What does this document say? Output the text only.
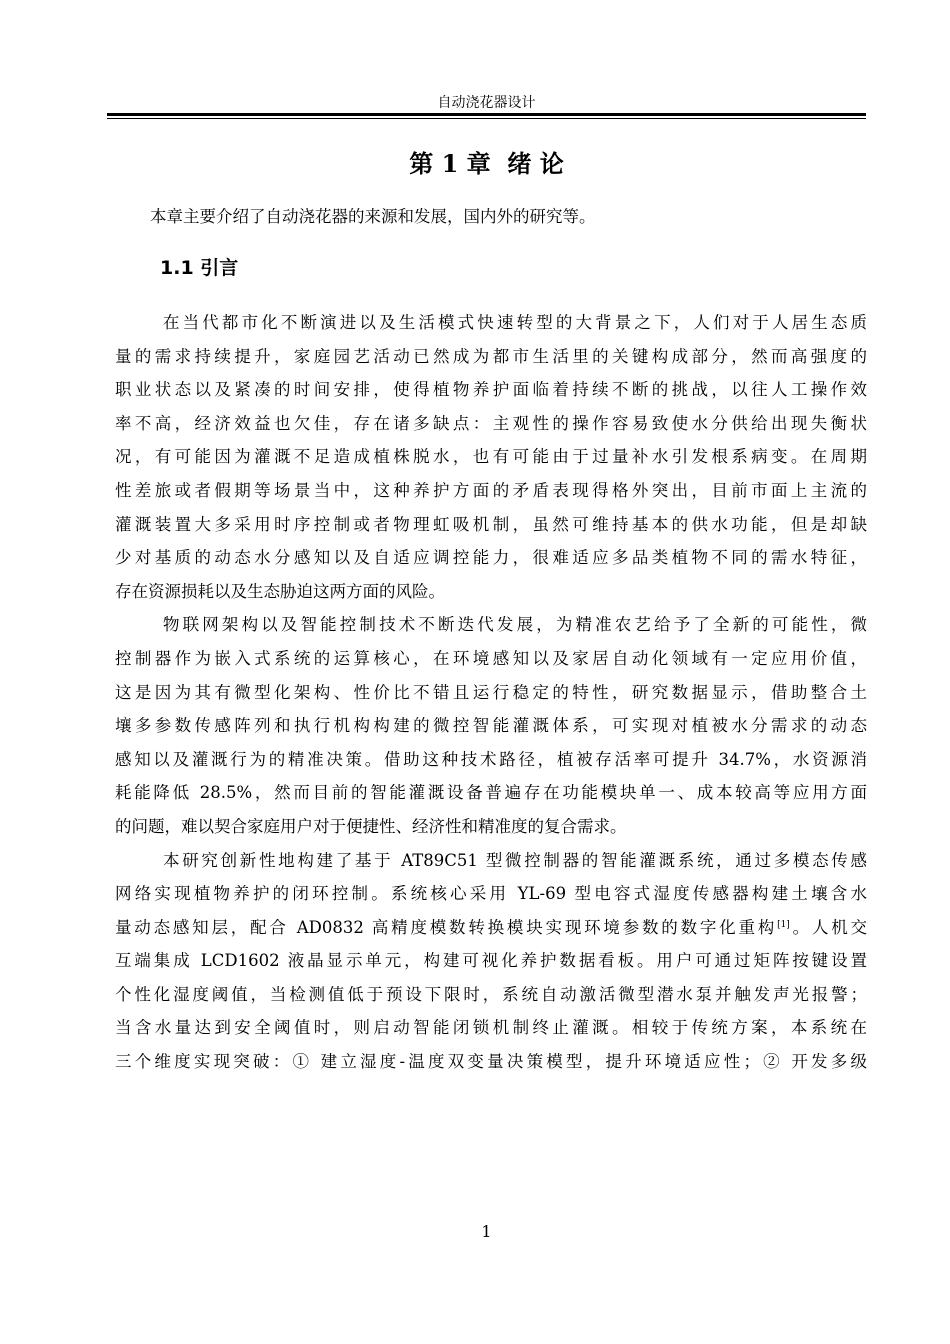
自动浇花器设计
第 1 章 绪 论
本章主要介绍了自动浇花器的来源和发展，国内外的研究等。
1.1 引言
在当代都市化不断演进以及生活模式快速转型的大背景之下，人们对于人居生态质
量的需求持续提升，家庭园艺活动已然成为都市生活里的关键构成部分，然而高强度的
职业状态以及紧凑的时间安排，使得植物养护面临着持续不断的挑战，以往人工操作效
率不高，经济效益也欠佳，存在诸多缺点：主观性的操作容易致使水分供给出现失衡状
况，有可能因为灌溉不足造成植株脱水，也有可能由于过量补水引发根系病变。在周期
性差旅或者假期等场景当中，这种养护方面的矛盾表现得格外突出，目前市面上主流的
灌溉装置大多采用时序控制或者物理虹吸机制，虽然可维持基本的供水功能，但是却缺
少对基质的动态水分感知以及自适应调控能力，很难适应多品类植物不同的需水特征，
存在资源损耗以及生态胁迫这两方面的风险。
物联网架构以及智能控制技术不断迭代发展，为精准农艺给予了全新的可能性，微
控制器作为嵌入式系统的运算核心，在环境感知以及家居自动化领域有一定应用价值，
这是因为其有微型化架构、性价比不错且运行稳定的特性，研究数据显示，借助整合土
壤多参数传感阵列和执行机构构建的微控智能灌溉体系，可实现对植被水分需求的动态
感知以及灌溉行为的精准决策。借助这种技术路径，植被存活率可提升 34.7%，水资源消
耗能降低 28.5%，然而目前的智能灌溉设备普遍存在功能模块单一、成本较高等应用方面
的问题，难以契合家庭用户对于便捷性、经济性和精准度的复合需求。
本研究创新性地构建了基于 AT89C51 型微控制器的智能灌溉系统，通过多模态传感
网络实现植物养护的闭环控制。系统核心采用 YL-69 型电容式湿度传感器构建土壤含水
量动态感知层，配合 AD0832 高精度模数转换模块实现环境参数的数字化重构[1]。人机交
互端集成 LCD1602 液晶显示单元，构建可视化养护数据看板。用户可通过矩阵按键设置
个性化湿度阈值，当检测值低于预设下限时，系统自动激活微型潜水泵并触发声光报警；
当含水量达到安全阈值时，则启动智能闭锁机制终止灌溉。相较于传统方案，本系统在
三个维度实现突破：① 建立湿度-温度双变量决策模型，提升环境适应性；② 开发多级
1
